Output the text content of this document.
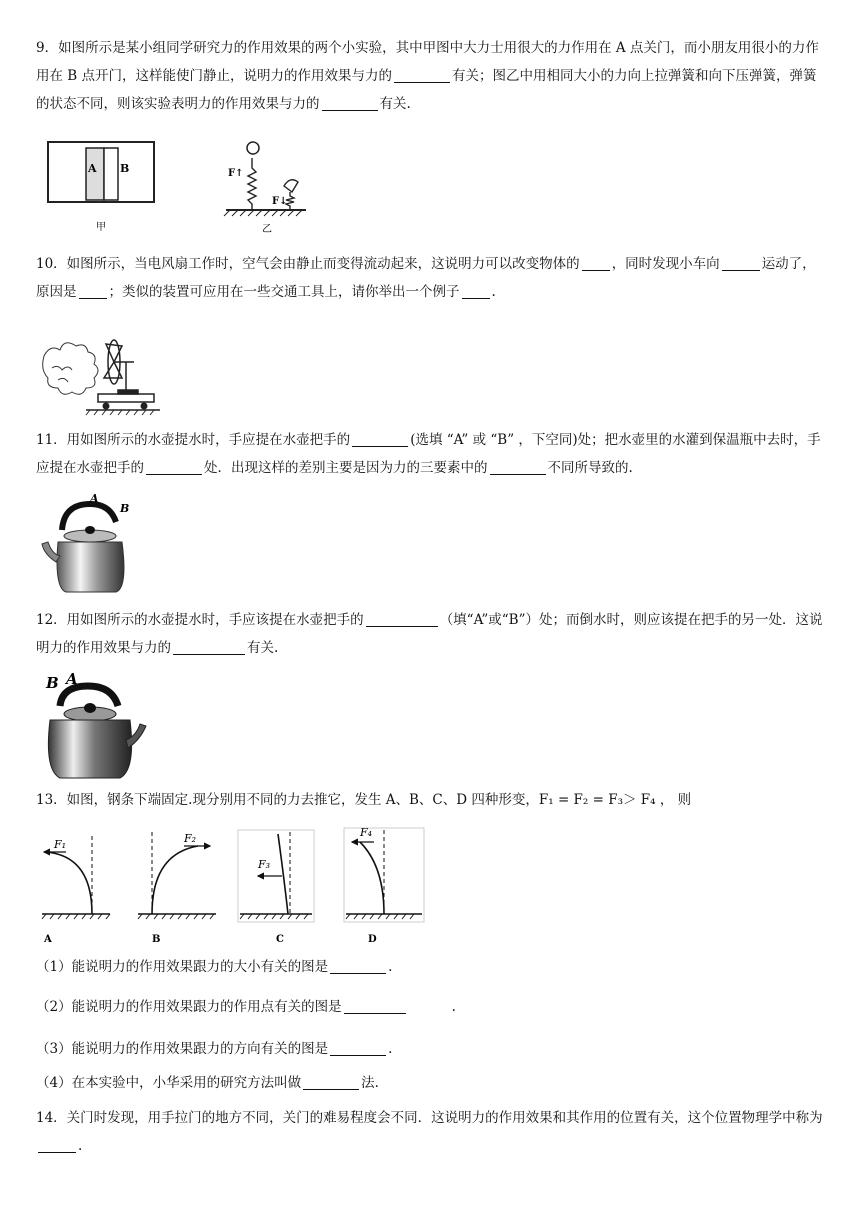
9．如图所示是某小组同学研究力的作用效果的两个小实验，其中甲图中大力士用很大的力作用在 A 点关门，而小朋友用很小的力作用在 B 点开门，这样能使门静止，说明力的作用效果与力的	有关；图乙中用相同大小的力向上拉弹簧和向下压弹簧，弹簧的状态不同，则该实验表明力的作用效果与力的	有关.

A B
甲
F↑
F↓
乙

10．如图所示，当电风扇工作时，空气会由静止而变得流动起来，这说明力可以改变物体的 ，同时发现小车向	运动了，原因是 ；类似的装置可应用在一些交通工具上，请你举出一个例子 .

11．用如图所示的水壶提水时，手应提在水壶把手的	(选填 “A” 或 “B” ，下空同)处；把水壶里的水灌到保温瓶中去时，手应提在水壶把手的	处．出现这样的差别主要是因为力的三要素中的	不同所导致的.

A
B

12．用如图所示的水壶提水时，手应该提在水壶把手的	（填“A”或“B”）处；而倒水时，则应该提在把手的另一处．这说明力的作用效果与力的	有关.

B A

13．如图，钢条下端固定.现分别用不同的力去推它，发生 A、B、C、D 四种形变，F₁ = F₂ = F₃＞ F₄ ， 则

F₁
A
F₂
B
F₃
C
F₄
D

（1）能说明力的作用效果跟力的大小有关的图是	.

（2）能说明力的作用效果跟力的作用点有关的图是	.

（3）能说明力的作用效果跟力的方向有关的图是	.

（4）在本实验中，小华采用的研究方法叫做	法.

14．关门时发现，用手拉门的地方不同，关门的难易程度会不同．这说明力的作用效果和其作用的位置有关，这个位置物理学中称为.
